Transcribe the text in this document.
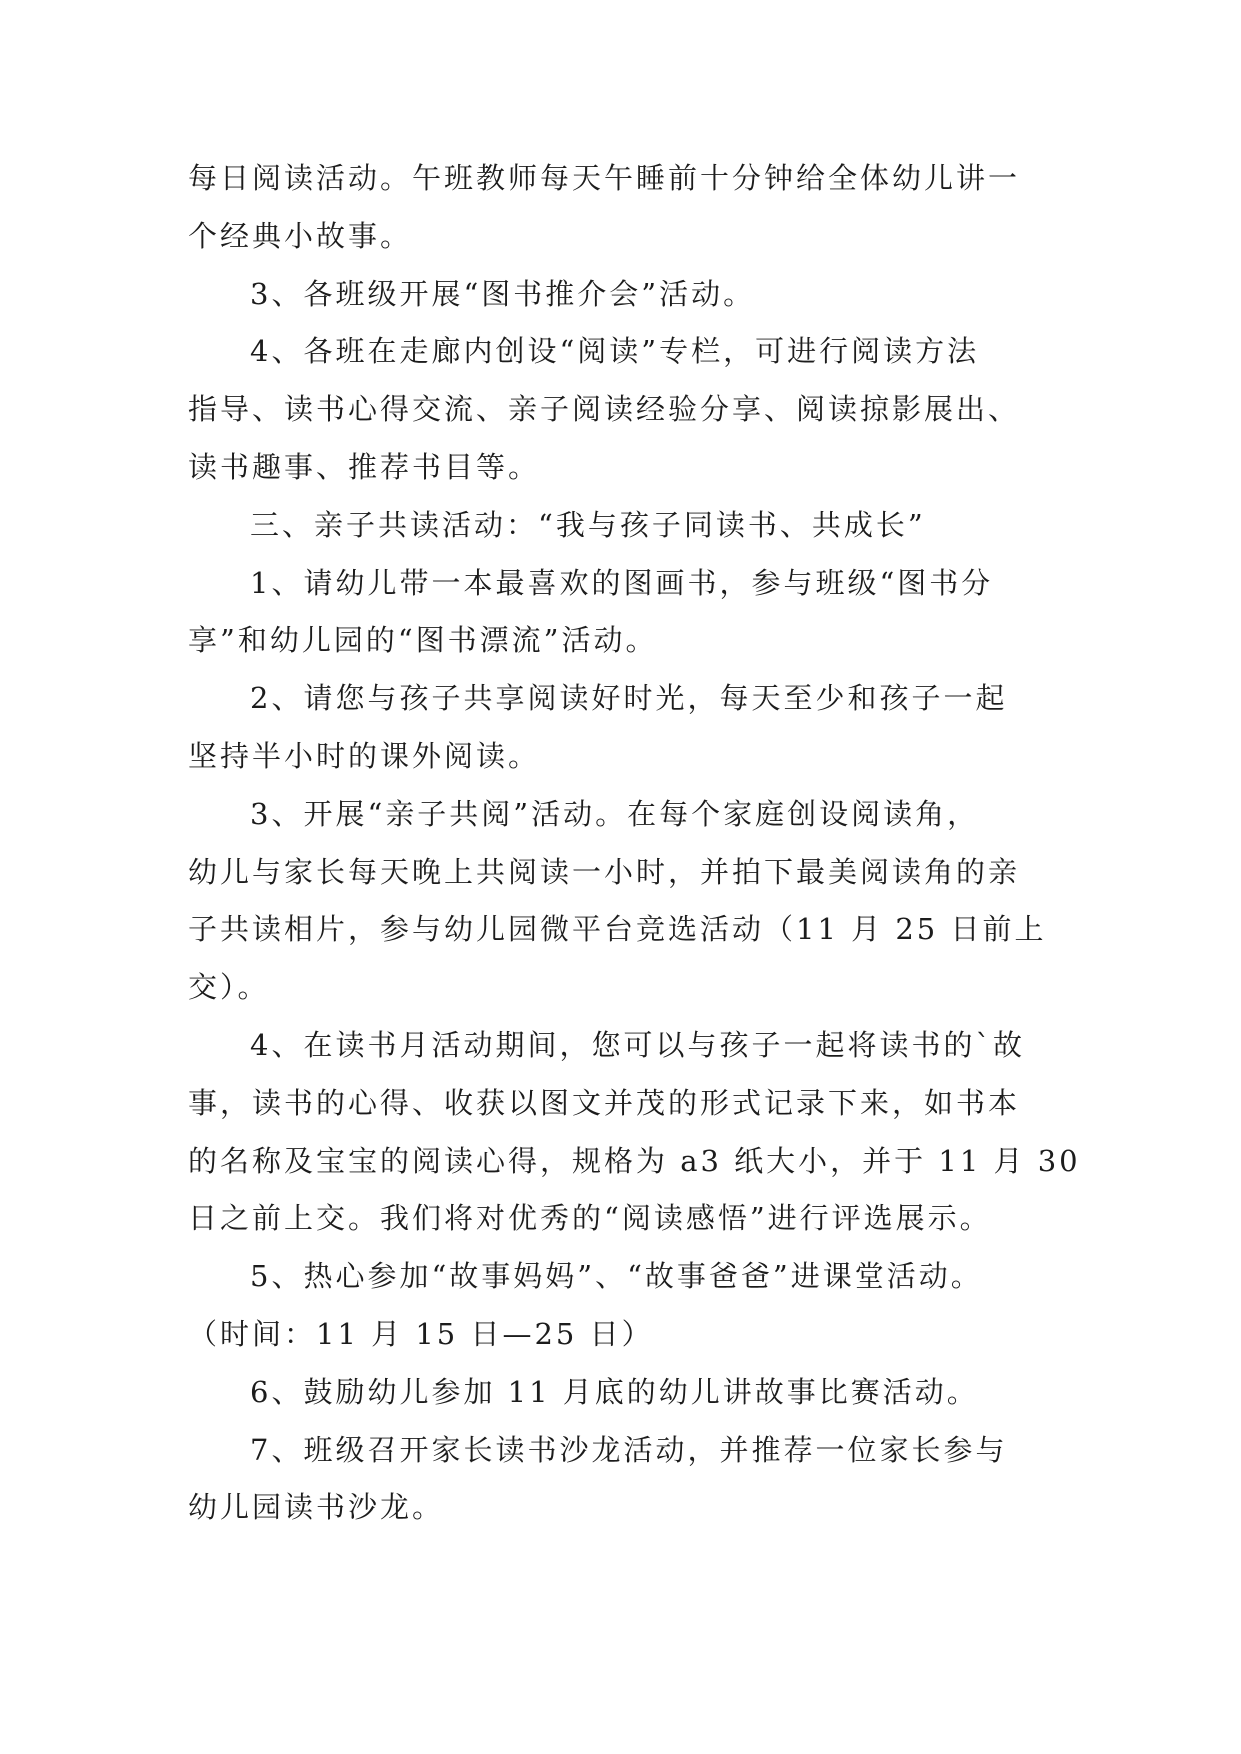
每日阅读活动。午班教师每天午睡前十分钟给全体幼儿讲一
个经典小故事。
3、各班级开展“图书推介会”活动。
4、各班在走廊内创设“阅读”专栏，可进行阅读方法
指导、读书心得交流、亲子阅读经验分享、阅读掠影展出、
读书趣事、推荐书目等。
三、亲子共读活动：“我与孩子同读书、共成长”
1、请幼儿带一本最喜欢的图画书，参与班级“图书分
享”和幼儿园的“图书漂流”活动。
2、请您与孩子共享阅读好时光，每天至少和孩子一起
坚持半小时的课外阅读。
3、开展“亲子共阅”活动。在每个家庭创设阅读角，
幼儿与家长每天晚上共阅读一小时，并拍下最美阅读角的亲
子共读相片，参与幼儿园微平台竞选活动（11 月 25 日前上
交）。
4、在读书月活动期间，您可以与孩子一起将读书的`故
事，读书的心得、收获以图文并茂的形式记录下来，如书本
的名称及宝宝的阅读心得，规格为 a3 纸大小，并于 11 月 30
日之前上交。我们将对优秀的“阅读感悟”进行评选展示。
5、热心参加“故事妈妈”、“故事爸爸”进课堂活动。
（时间：11 月 15 日—25 日）
6、鼓励幼儿参加 11 月底的幼儿讲故事比赛活动。
7、班级召开家长读书沙龙活动，并推荐一位家长参与
幼儿园读书沙龙。
